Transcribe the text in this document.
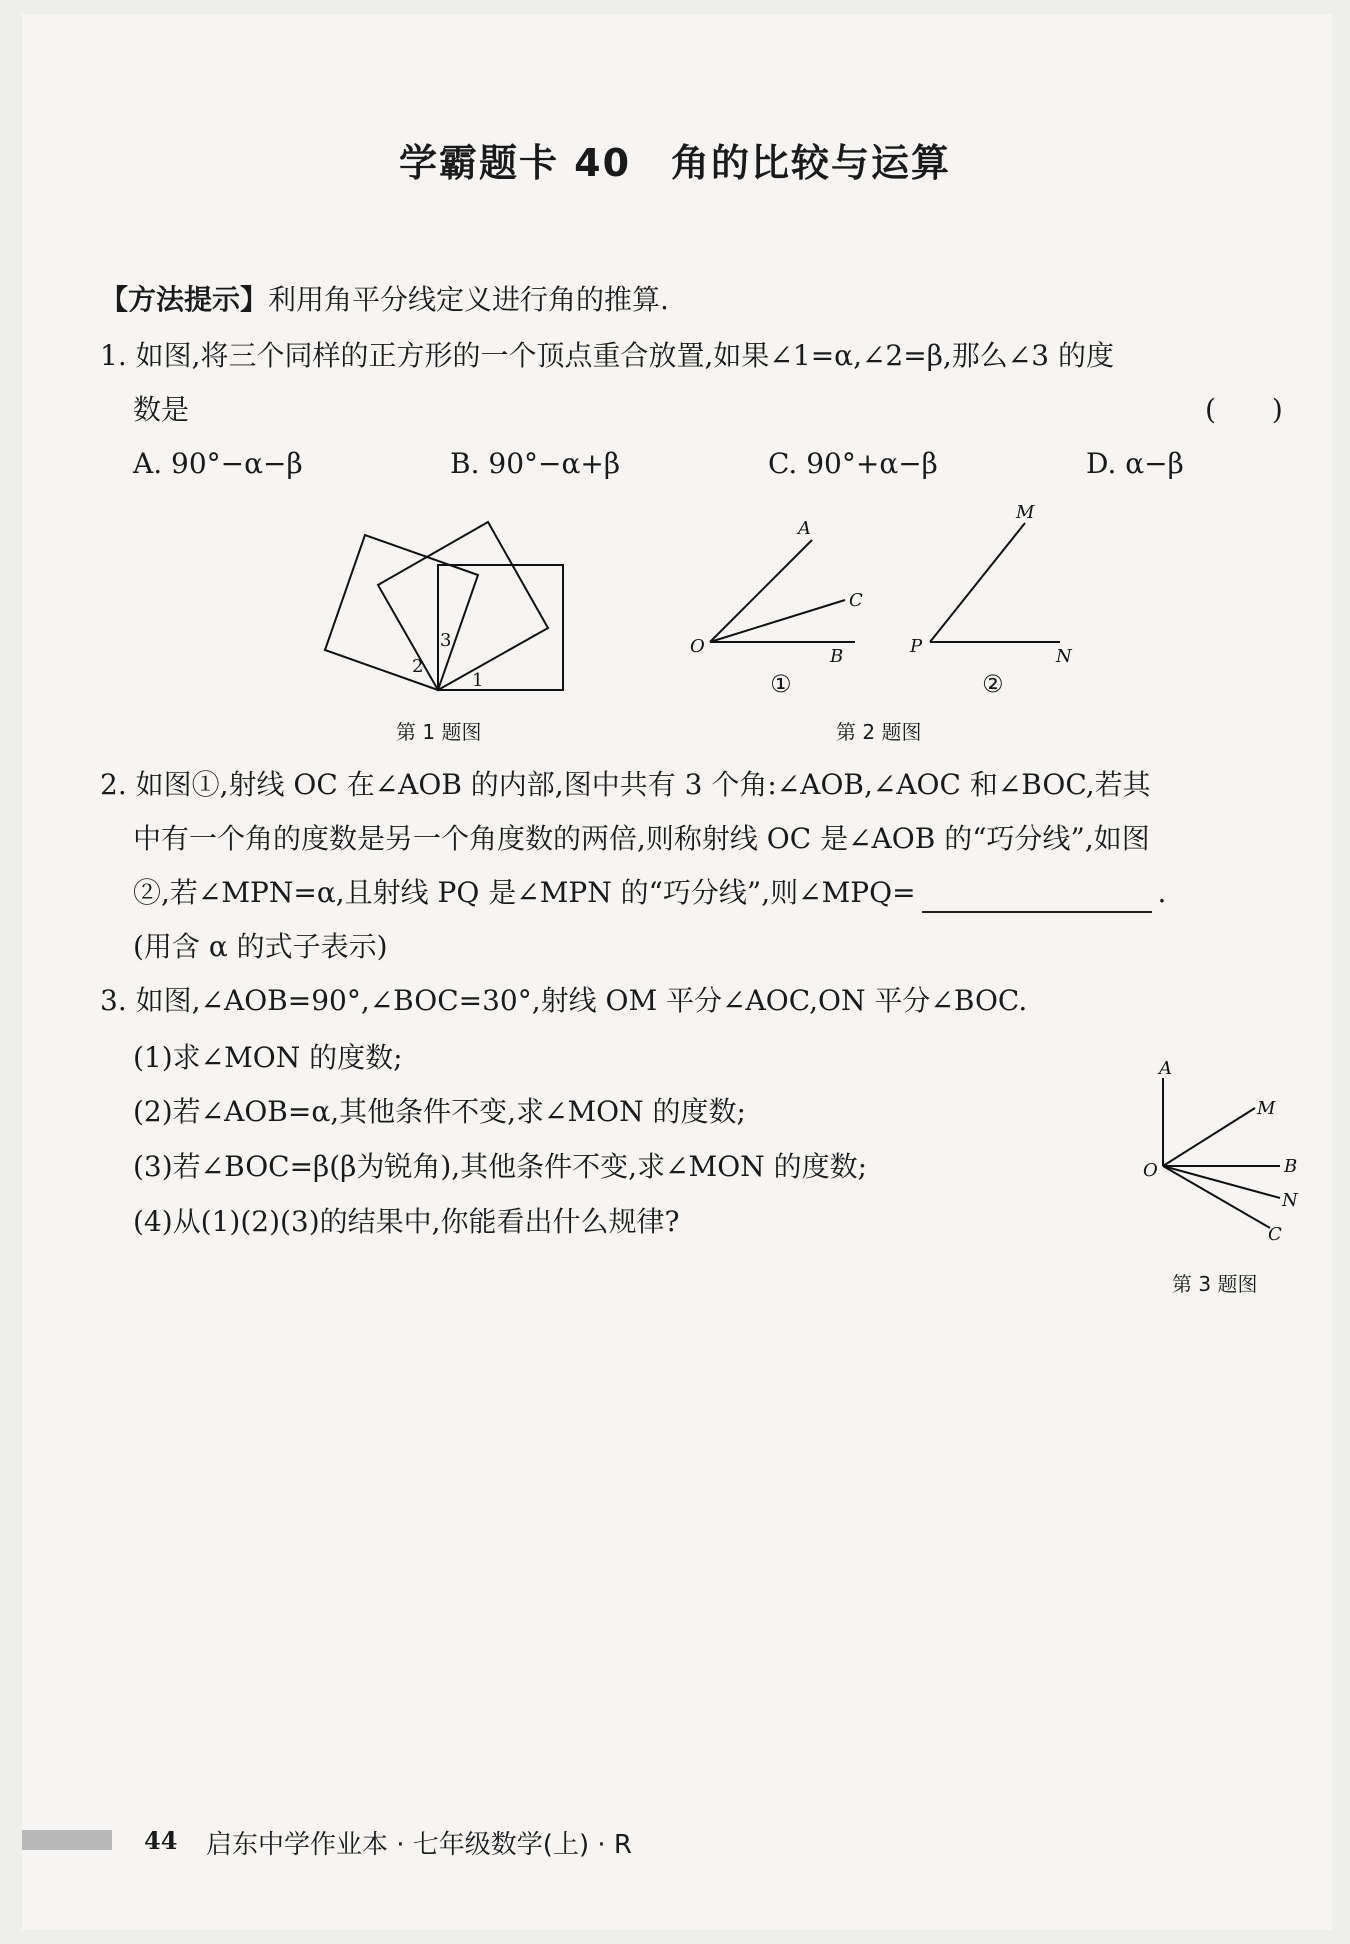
学霸题卡 40　角的比较与运算
【方法提示】利用角平分线定义进行角的推算.
1. 如图,将三个同样的正方形的一个顶点重合放置,如果∠1=α,∠2=β,那么∠3 的度
数是	(　　)
A. 90°−α−β	B. 90°−α+β	C. 90°+α−β	D. α−β
2
3
1
第 1 题图
A
C
O	B
M
P	N
①	②
第 2 题图
2. 如图①,射线 OC 在∠AOB 的内部,图中共有 3 个角:∠AOB,∠AOC 和∠BOC,若其
中有一个角的度数是另一个角度数的两倍,则称射线 OC 是∠AOB 的“巧分线”,如图
②,若∠MPN=α,且射线 PQ 是∠MPN 的“巧分线”,则∠MPQ=	.
(用含 α 的式子表示)
3. 如图,∠AOB=90°,∠BOC=30°,射线 OM 平分∠AOC,ON 平分∠BOC.
(1)求∠MON 的度数;
(2)若∠AOB=α,其他条件不变,求∠MON 的度数;
(3)若∠BOC=β(β为锐角),其他条件不变,求∠MON 的度数;
(4)从(1)(2)(3)的结果中,你能看出什么规律?
A
M
O	B
N
C
第 3 题图
44 启东中学作业本 · 七年级数学(上) · R
